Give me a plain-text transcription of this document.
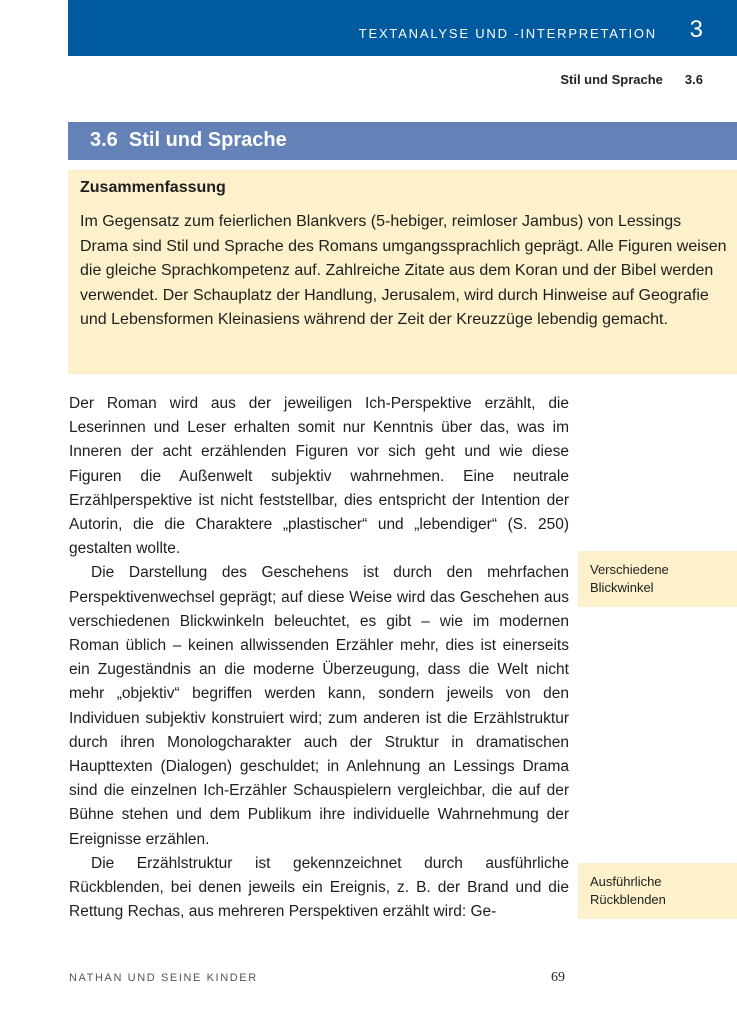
TEXTANALYSE UND -INTERPRETATION 3
Stil und Sprache 3.6
3.6  Stil und Sprache
Zusammenfassung

Im Gegensatz zum feierlichen Blankvers (5-hebiger, reimloser Jambus) von Lessings Drama sind Stil und Sprache des Romans umgangssprachlich geprägt. Alle Figuren weisen die gleiche Sprachkompetenz auf. Zahlreiche Zitate aus dem Koran und der Bibel werden verwendet. Der Schauplatz der Handlung, Jerusalem, wird durch Hinweise auf Geografie und Lebensformen Kleinasiens während der Zeit der Kreuzzüge lebendig gemacht.

Der Roman wird aus der jeweiligen Ich-Perspektive erzählt, die Leserinnen und Leser erhalten somit nur Kenntnis über das, was im Inneren der acht erzählenden Figuren vor sich geht und wie diese Figuren die Außenwelt subjektiv wahrnehmen. Eine neutrale Erzählperspektive ist nicht feststellbar, dies entspricht der Intention der Autorin, die die Charaktere „plastischer“ und „lebendiger“ (S. 250) gestalten wollte.

Die Darstellung des Geschehens ist durch den mehrfachen Perspektivenwechsel geprägt; auf diese Weise wird das Geschehen aus verschiedenen Blickwinkeln beleuchtet, es gibt – wie im modernen Roman üblich – keinen allwissenden Erzähler mehr, dies ist einerseits ein Zugeständnis an die moderne Überzeugung, dass die Welt nicht mehr „objektiv“ begriffen werden kann, sondern jeweils von den Individuen subjektiv konstruiert wird; zum anderen ist die Erzählstruktur durch ihren Monologcharakter auch der Struktur in dramatischen Haupttexten (Dialogen) geschuldet; in Anlehnung an Lessings Drama sind die einzelnen Ich-Erzähler Schauspielern vergleichbar, die auf der Bühne stehen und dem Publikum ihre individuelle Wahrnehmung der Ereignisse erzählen.

Die Erzählstruktur ist gekennzeichnet durch ausführliche Rückblenden, bei denen jeweils ein Ereignis, z. B. der Brand und die Rettung Rechas, aus mehreren Perspektiven erzählt wird: Ge-

Verschiedene Blickwinkel
Ausführliche Rückblenden
NATHAN UND SEINE KINDER	69
